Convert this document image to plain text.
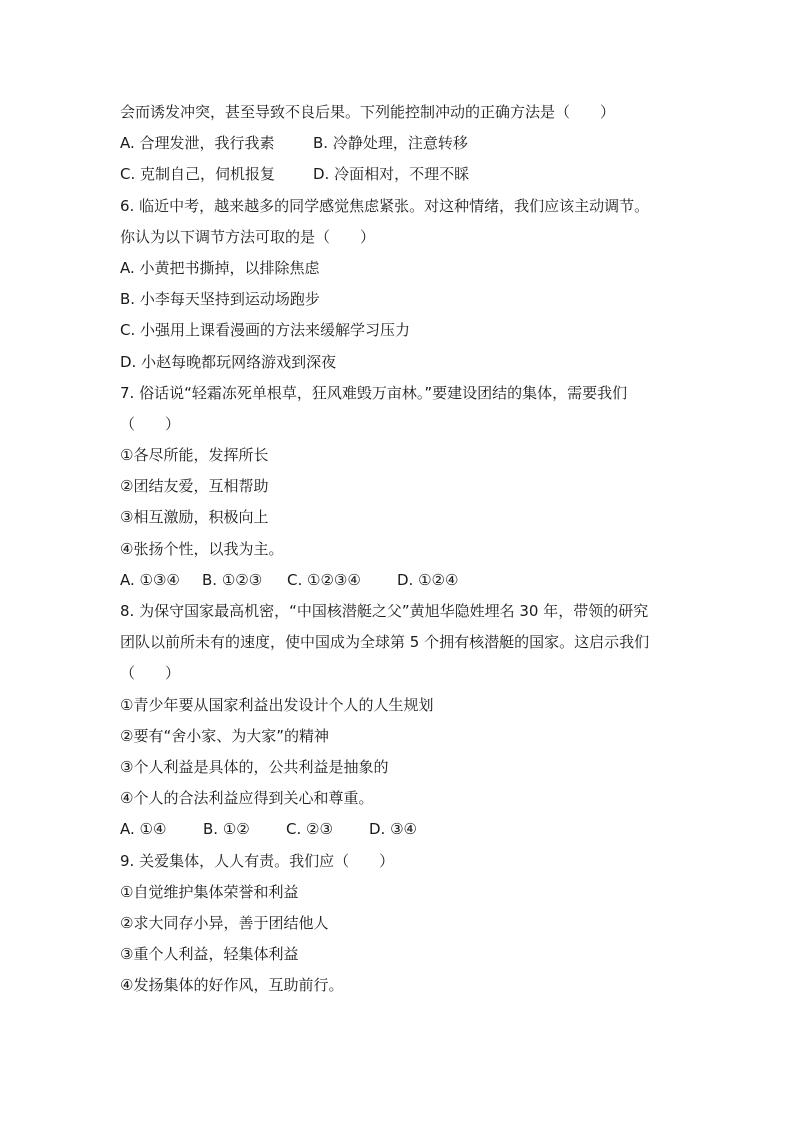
会而诱发冲突，甚至导致不良后果。下列能控制冲动的正确方法是（　　）
A. 合理发泄，我行我素	B. 冷静处理，注意转移
C. 克制自己，伺机报复	D. 冷面相对，不理不睬
6. 临近中考，越来越多的同学感觉焦虑紧张。对这种情绪，我们应该主动调节。
你认为以下调节方法可取的是（　　）
A. 小黄把书撕掉，以排除焦虑
B. 小李每天坚持到运动场跑步
C. 小强用上课看漫画的方法来缓解学习压力
D. 小赵每晚都玩网络游戏到深夜
7. 俗话说“轻霜冻死单根草，狂风难毁万亩林。”要建设团结的集体，需要我们
（　　）
①各尽所能，发挥所长
②团结友爱，互相帮助
③相互激励，积极向上
④张扬个性，以我为主。
A. ①③④	B. ①②③	C. ①②③④	D. ①②④
8. 为保守国家最高机密，“中国核潜艇之父”黄旭华隐姓埋名 30 年，带领的研究
团队以前所未有的速度，使中国成为全球第 5 个拥有核潜艇的国家。这启示我们
（　　）
①青少年要从国家利益出发设计个人的人生规划
②要有“舍小家、为大家”的精神
③个人利益是具体的，公共利益是抽象的
④个人的合法利益应得到关心和尊重。
A. ①④	B. ①②	C. ②③	D. ③④
9. 关爱集体，人人有责。我们应（　　）
①自觉维护集体荣誉和利益
②求大同存小异，善于团结他人
③重个人利益，轻集体利益
④发扬集体的好作风，互助前行。
